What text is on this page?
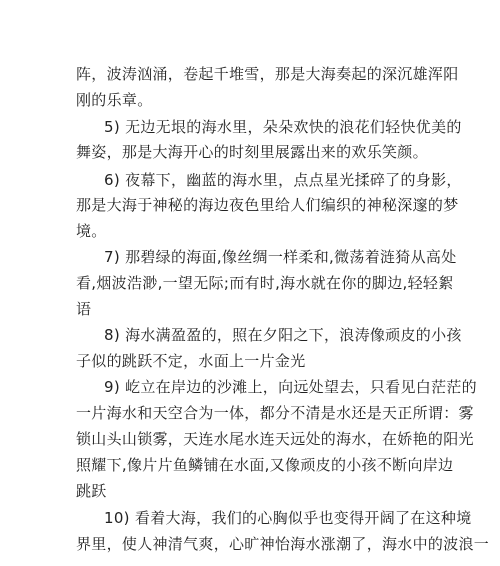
阵，波涛汹涌，卷起千堆雪，那是大海奏起的深沉雄浑阳
刚的乐章。
5) 无边无垠的海水里，朵朵欢快的浪花们轻快优美的
舞姿，那是大海开心的时刻里展露出来的欢乐笑颜。
6) 夜幕下，幽蓝的海水里，点点星光揉碎了的身影，
那是大海于神秘的海边夜色里给人们编织的神秘深邃的梦
境。
7) 那碧绿的海面,像丝绸一样柔和,微荡着涟猗从高处
看,烟波浩渺,一望无际;而有时,海水就在你的脚边,轻轻絮
语
8) 海水满盈盈的，照在夕阳之下，浪涛像顽皮的小孩
子似的跳跃不定，水面上一片金光
9) 屹立在岸边的沙滩上，向远处望去，只看见白茫茫的
一片海水和天空合为一体，都分不清是水还是天正所谓：雾
锁山头山锁雾，天连水尾水连天远处的海水，在娇艳的阳光
照耀下,像片片鱼鳞铺在水面,又像顽皮的小孩不断向岸边
跳跃
10) 看着大海，我们的心胸似乎也变得开阔了在这种境
界里，使人神清气爽，心旷神怡海水涨潮了，海水中的波浪一
